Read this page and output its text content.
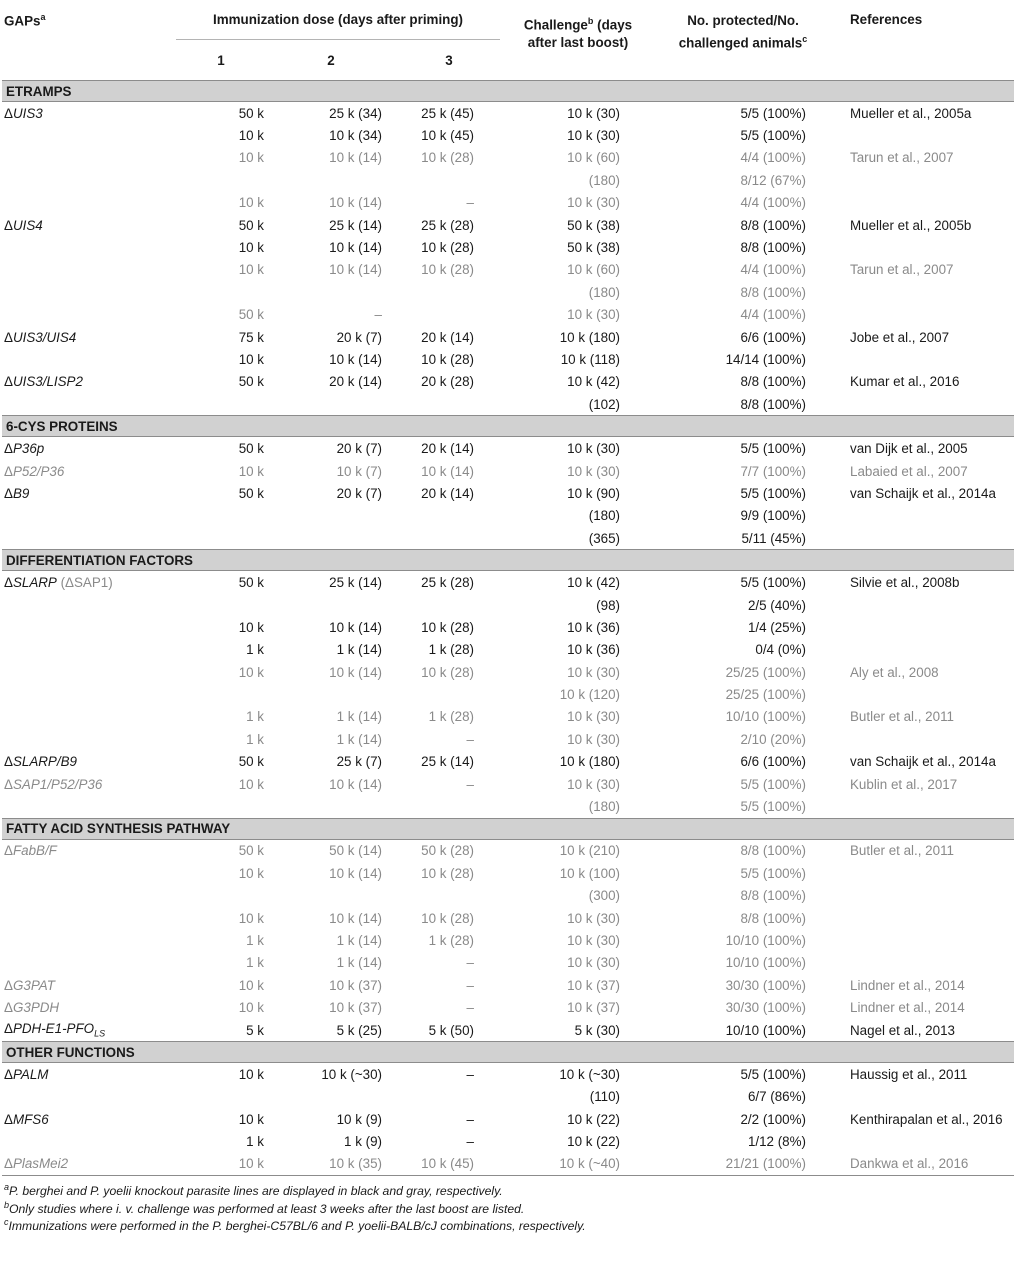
GAPs$^a$	Immunization dose (days after priming)			Challenge$^b$ (days
after last boost)	No. protected/No.
challenged animals$^c$	References
	1	2	3			
ETRAMPS						
ΔUIS3	50 k	25 k (34)	25 k (45)	10 k (30)	5/5 (100%)	Mueller et al., 2005a
	10 k	10 k (34)	10 k (45)	10 k (30)	5/5 (100%)	
	10 k	10 k (14)	10 k (28)	10 k (60)	4/4 (100%)	Tarun et al., 2007
				(180)	8/12 (67%)	
	10 k	10 k (14)	–	10 k (30)	4/4 (100%)	
ΔUIS4	50 k	25 k (14)	25 k (28)	50 k (38)	8/8 (100%)	Mueller et al., 2005b
	10 k	10 k (14)	10 k (28)	50 k (38)	8/8 (100%)	
	10 k	10 k (14)	10 k (28)	10 k (60)	4/4 (100%)	Tarun et al., 2007
				(180)	8/8 (100%)	
	50 k	–		10 k (30)	4/4 (100%)	
ΔUIS3/UIS4	75 k	20 k (7)	20 k (14)	10 k (180)	6/6 (100%)	Jobe et al., 2007
	10 k	10 k (14)	10 k (28)	10 k (118)	14/14 (100%)	
ΔUIS3/LISP2	50 k	20 k (14)	20 k (28)	10 k (42)	8/8 (100%)	Kumar et al., 2016
				(102)	8/8 (100%)	
6-CYS PROTEINS						
ΔP36p	50 k	20 k (7)	20 k (14)	10 k (30)	5/5 (100%)	van Dijk et al., 2005
ΔP52/P36	10 k	10 k (7)	10 k (14)	10 k (30)	7/7 (100%)	Labaied et al., 2007
ΔB9	50 k	20 k (7)	20 k (14)	10 k (90)	5/5 (100%)	van Schaijk et al., 2014a
				(180)	9/9 (100%)	
				(365)	5/11 (45%)	
DIFFERENTIATION FACTORS						
ΔSLARP (ΔSAP1)	50 k	25 k (14)	25 k (28)	10 k (42)	5/5 (100%)	Silvie et al., 2008b
				(98)	2/5 (40%)	
	10 k	10 k (14)	10 k (28)	10 k (36)	1/4 (25%)	
	1 k	1 k (14)	1 k (28)	10 k (36)	0/4 (0%)	
	10 k	10 k (14)	10 k (28)	10 k (30)	25/25 (100%)	Aly et al., 2008
				10 k (120)	25/25 (100%)	
	1 k	1 k (14)	1 k (28)	10 k (30)	10/10 (100%)	Butler et al., 2011
	1 k	1 k (14)	–	10 k (30)	2/10 (20%)	
ΔSLARP/B9	50 k	25 k (7)	25 k (14)	10 k (180)	6/6 (100%)	van Schaijk et al., 2014a
ΔSAP1/P52/P36	10 k	10 k (14)	–	10 k (30)	5/5 (100%)	Kublin et al., 2017
				(180)	5/5 (100%)	
FATTY ACID SYNTHESIS PATHWAY						
ΔFabB/F	50 k	50 k (14)	50 k (28)	10 k (210)	8/8 (100%)	Butler et al., 2011
	10 k	10 k (14)	10 k (28)	10 k (100)	5/5 (100%)	
				(300)	8/8 (100%)	
	10 k	10 k (14)	10 k (28)	10 k (30)	8/8 (100%)	
	1 k	1 k (14)	1 k (28)	10 k (30)	10/10 (100%)	
	1 k	1 k (14)	–	10 k (30)	10/10 (100%)	
ΔG3PAT	10 k	10 k (37)	–	10 k (37)	30/30 (100%)	Lindner et al., 2014
ΔG3PDH	10 k	10 k (37)	–	10 k (37)	30/30 (100%)	Lindner et al., 2014
ΔPDH-$E1-PFO_{LS}$	5 k	5 k (25)	5 k (50)	5 k (30)	10/10 (100%)	Nagel et al., 2013
OTHER FUNCTIONS						
ΔPALM	10 k	10 k (~30)	–	10 k (~30)	5/5 (100%)	Haussig et al., 2011
				(110)	6/7 (86%)	
ΔMFS6	10 k	10 k (9)	–	10 k (22)	2/2 (100%)	Kenthirapalan et al., 2016
	1 k	1 k (9)	–	10 k (22)	1/12 (8%)	
ΔPlasMei2	10 k	10 k (35)	10 k (45)	10 k (~40)	21/21 (100%)	Dankwa et al., 2016
$^a$P. berghei and P. yoelii knockout parasite lines are displayed in black and gray, respectively.
$^b$Only studies where i. v. challenge was performed at least 3 weeks after the last boost are listed.
$^c$Immunizations were performed in the P. berghei-C57BL/6 and P. yoelii-BALB/cJ combinations, respectively.
